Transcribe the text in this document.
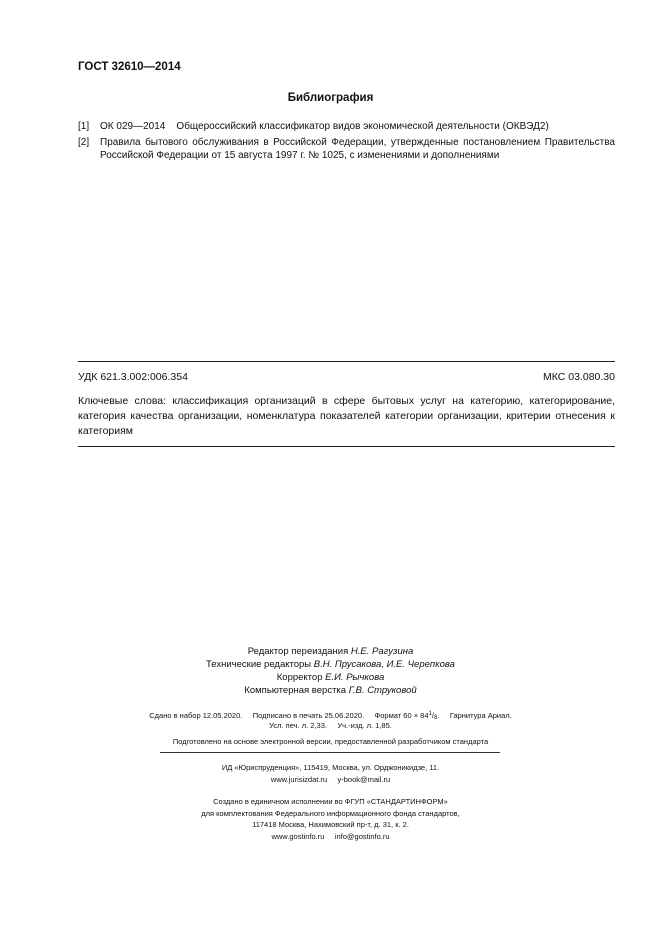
ГОСТ 32610—2014
Библиография
[1] ОК 029—2014    Общероссийский классификатор видов экономической деятельности (ОКВЭД2)
[2] Правила бытового обслуживания в Российской Федерации, утвержденные постановлением Правительства Российской Федерации от 15 августа 1997 г. № 1025, с изменениями и дополнениями
УДК 621.3.002:006.354	МКС 03.080.30
Ключевые слова: классификация организаций в сфере бытовых услуг на категорию, категорирование, категория качества организации, номенклатура показателей категории организации, критерии отнесения к категориям
Редактор переиздания Н.Е. Рагузина
Технические редакторы В.Н. Прусакова, И.Е. Черепкова
Корректор Е.И. Рычкова
Компьютерная верстка Г.В. Струковой
Сдано в набор 12.05.2020. Подписано в печать 25.06.2020. Формат $60 \times 84^1/_8$. Гарнитура Ариал.
Усл. печ. л. 2,33. Уч.-изд. л. 1,85.
Подготовлено на основе электронной версии, предоставленной разработчиком стандарта
ИД «Юриспруденция», 115419, Москва, ул. Орджоникидзе, 11.
www.jurisizdat.ru y-book@mail.ru
Создано в единичном исполнении во ФГУП «СТАНДАРТИНФОРМ»
для комплектования Федерального информационного фонда стандартов,
117418 Москва, Нахимовский пр-т, д. 31, к. 2.
www.gostinfo.ru info@gostinfo.ru
